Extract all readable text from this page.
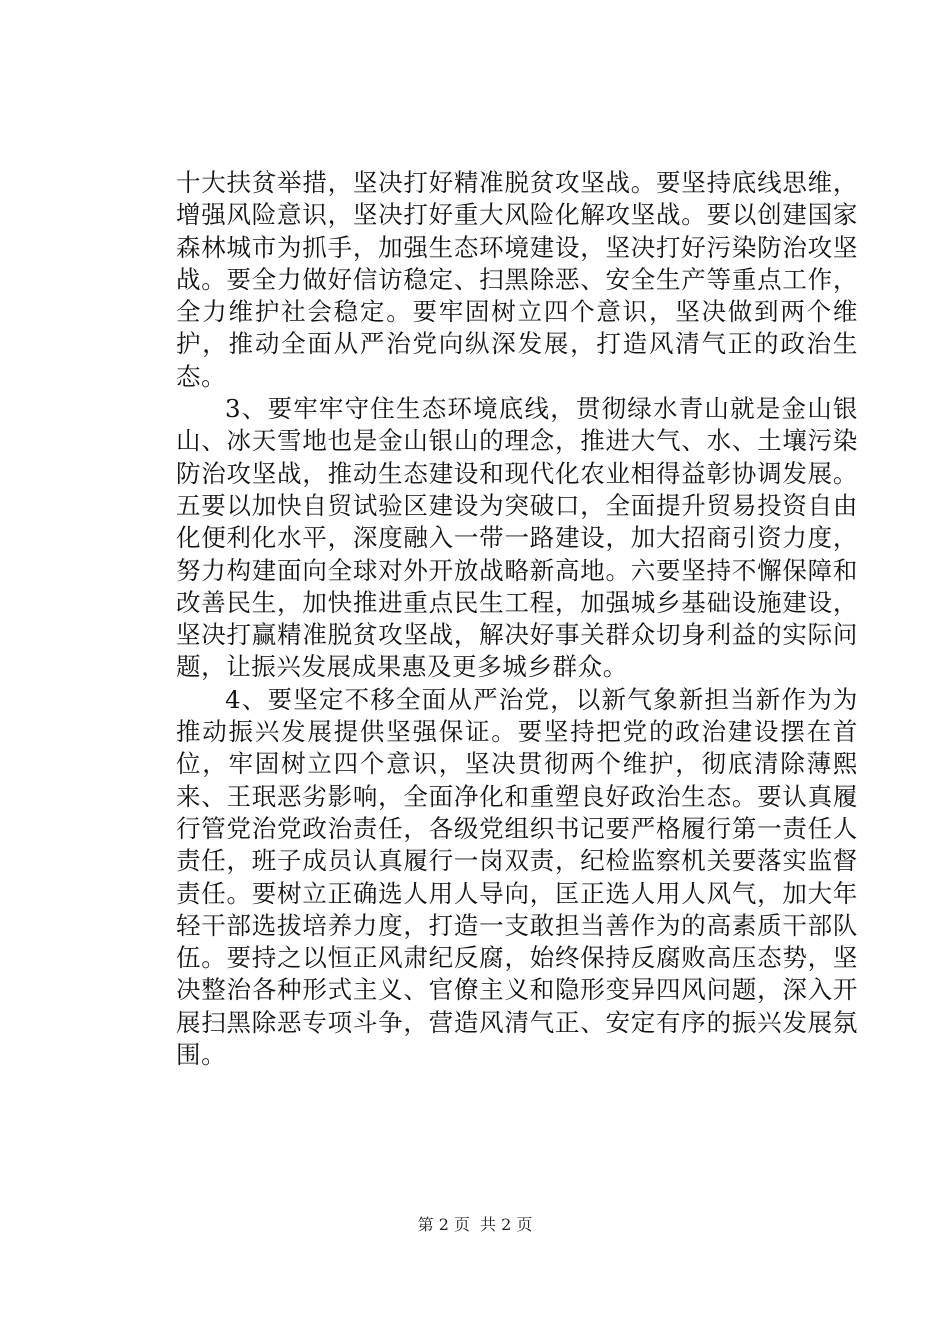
十大扶贫举措，坚决打好精准脱贫攻坚战。要坚持底线思维，增强风险意识，坚决打好重大风险化解攻坚战。要以创建国家森林城市为抓手，加强生态环境建设，坚决打好污染防治攻坚战。要全力做好信访稳定、扫黑除恶、安全生产等重点工作，全力维护社会稳定。要牢固树立四个意识，坚决做到两个维护，推动全面从严治党向纵深发展，打造风清气正的政治生态。

3、要牢牢守住生态环境底线，贯彻绿水青山就是金山银山、冰天雪地也是金山银山的理念，推进大气、水、土壤污染防治攻坚战，推动生态建设和现代化农业相得益彰协调发展。五要以加快自贸试验区建设为突破口，全面提升贸易投资自由化便利化水平，深度融入一带一路建设，加大招商引资力度，努力构建面向全球对外开放战略新高地。六要坚持不懈保障和改善民生，加快推进重点民生工程，加强城乡基础设施建设，坚决打赢精准脱贫攻坚战，解决好事关群众切身利益的实际问题，让振兴发展成果惠及更多城乡群众。

4、要坚定不移全面从严治党，以新气象新担当新作为为推动振兴发展提供坚强保证。要坚持把党的政治建设摆在首位，牢固树立四个意识，坚决贯彻两个维护，彻底清除薄熙来、王珉恶劣影响，全面净化和重塑良好政治生态。要认真履行管党治党政治责任，各级党组织书记要严格履行第一责任人责任，班子成员认真履行一岗双责，纪检监察机关要落实监督责任。要树立正确选人用人导向，匡正选人用人风气，加大年轻干部选拔培养力度，打造一支敢担当善作为的高素质干部队伍。要持之以恒正风肃纪反腐，始终保持反腐败高压态势，坚决整治各种形式主义、官僚主义和隐形变异四风问题，深入开展扫黑除恶专项斗争，营造风清气正、安定有序的振兴发展氛围。

第 2 页 共 2 页
